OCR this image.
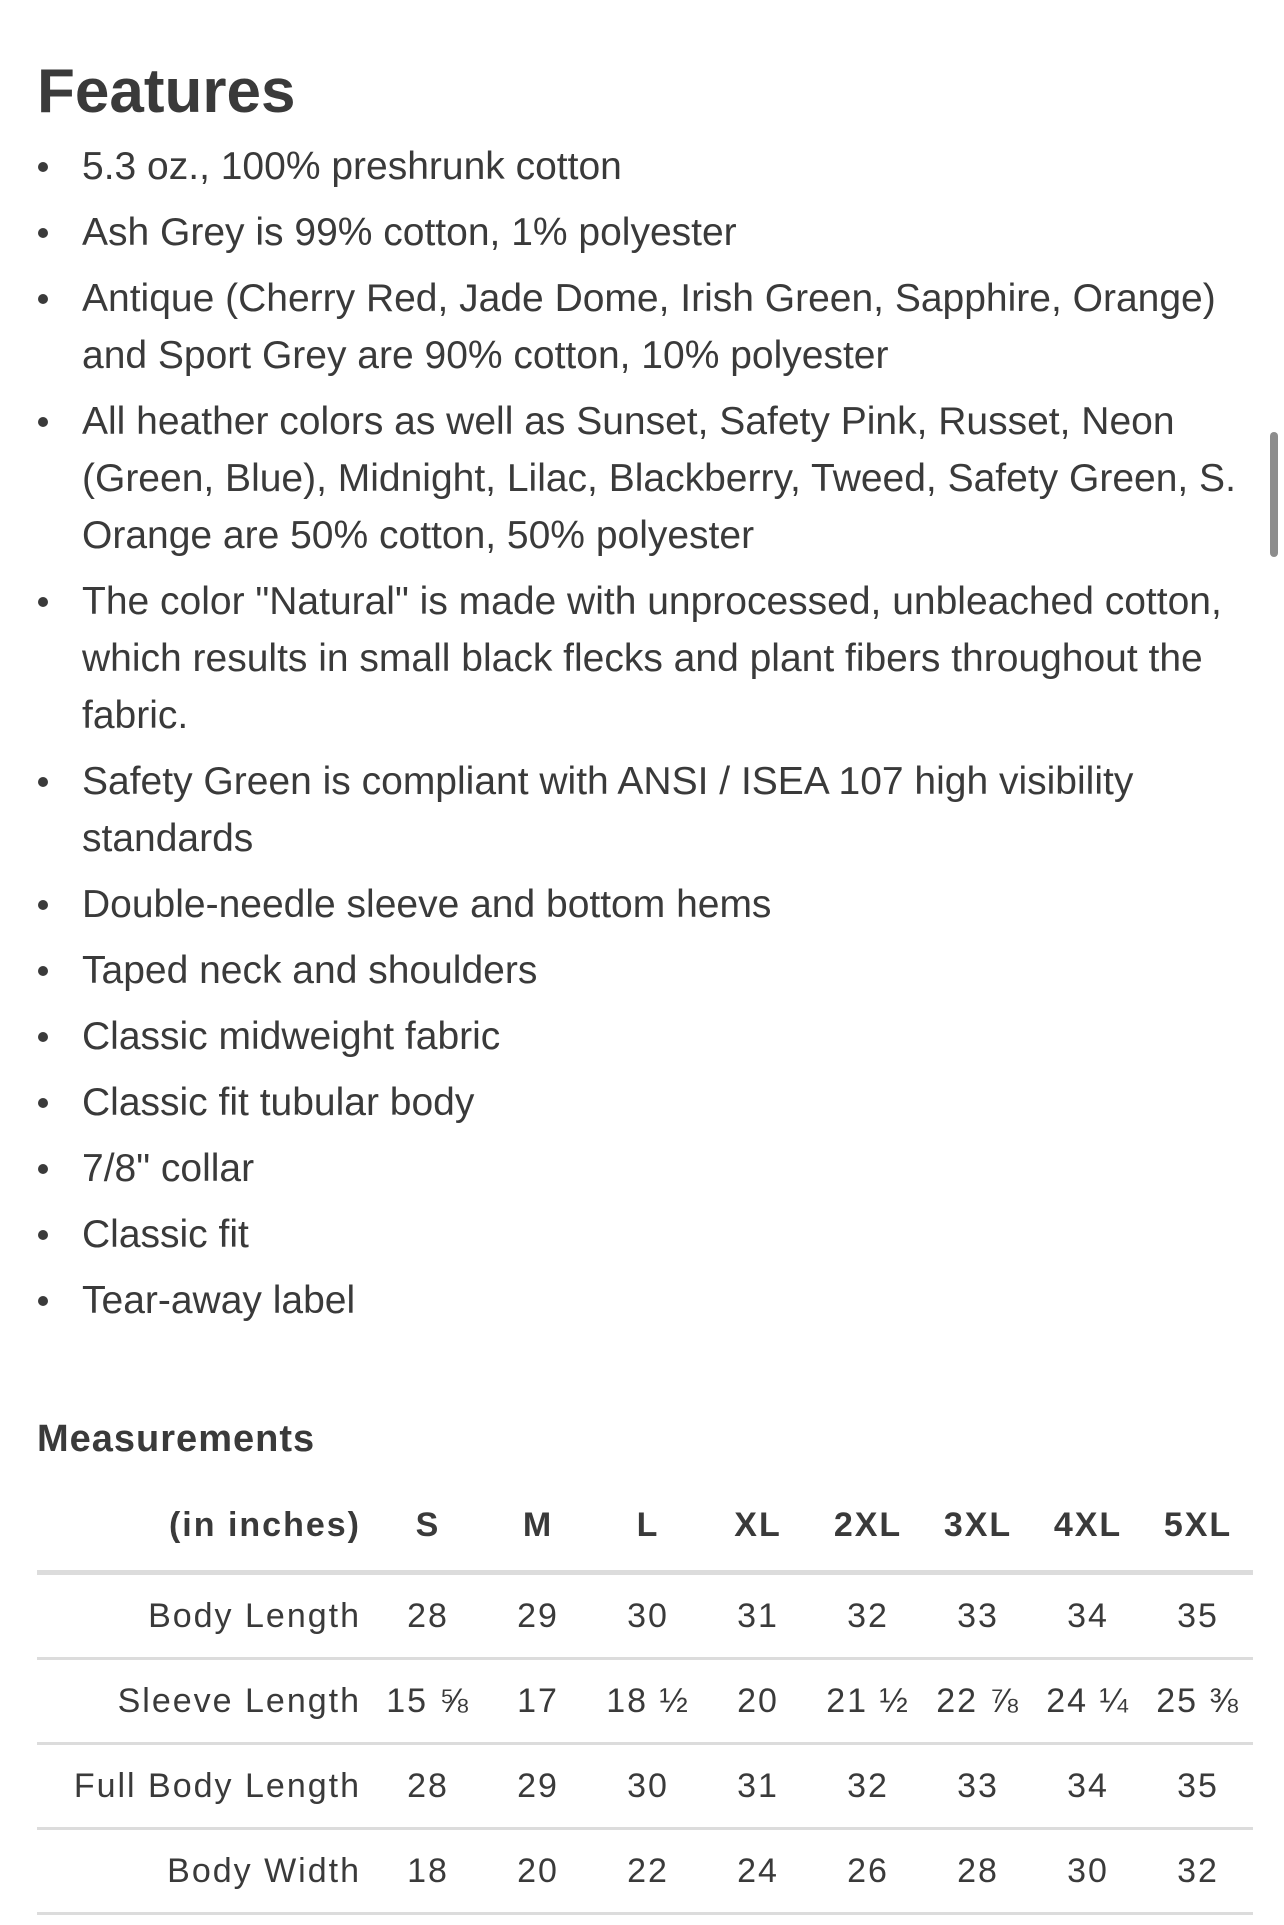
Features
5.3 oz., 100% preshrunk cotton
Ash Grey is 99% cotton, 1% polyester
Antique (Cherry Red, Jade Dome, Irish Green, Sapphire, Orange) and Sport Grey are 90% cotton, 10% polyester
All heather colors as well as Sunset, Safety Pink, Russet, Neon (Green, Blue), Midnight, Lilac, Blackberry, Tweed, Safety Green, S. Orange are 50% cotton, 50% polyester
The color "Natural" is made with unprocessed, unbleached cotton, which results in small black flecks and plant fibers throughout the fabric.
Safety Green is compliant with ANSI / ISEA 107 high visibility standards
Double-needle sleeve and bottom hems
Taped neck and shoulders
Classic midweight fabric
Classic fit tubular body
7/8" collar
Classic fit
Tear-away label
Measurements
(in inches)	S	M	L	XL	2XL	3XL	4XL	5XL
Body Length	28	29	30	31	32	33	34	35
Sleeve Length	15 ⅝	17	18 ½	20	21 ½	22 ⅞	24 ¼	25 ⅜
Full Body Length	28	29	30	31	32	33	34	35
Body Width	18	20	22	24	26	28	30	32
